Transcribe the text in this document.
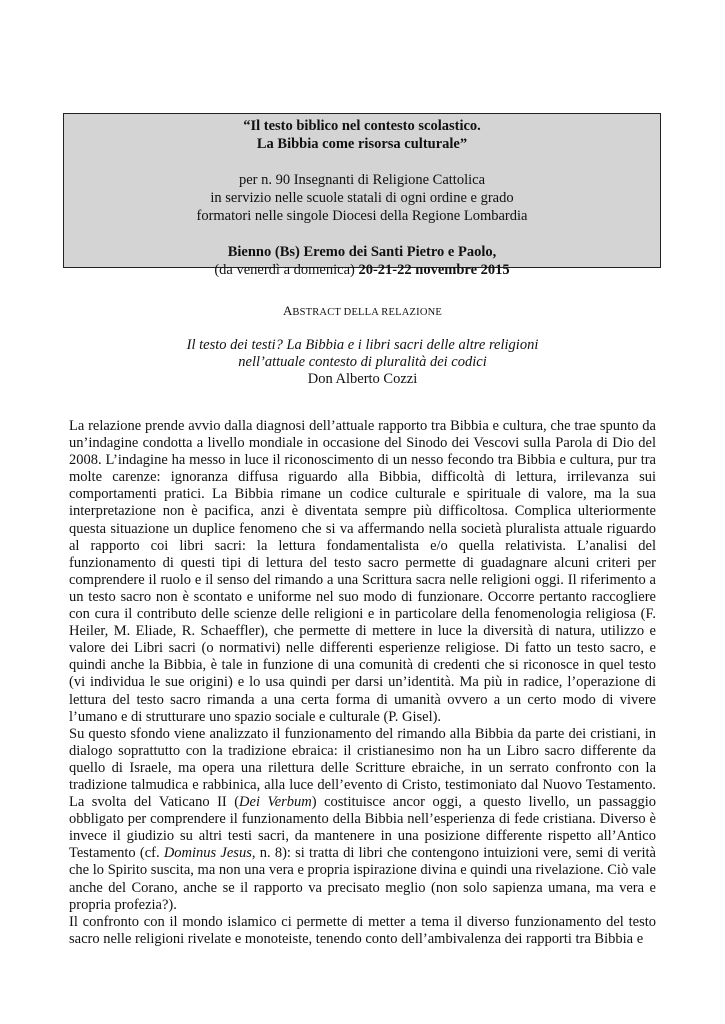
“Il testo biblico nel contesto scolastico.
La Bibbia come risorsa culturale”
per n. 90 Insegnanti di Religione Cattolica
in servizio nelle scuole statali di ogni ordine e grado
formatori nelle singole Diocesi della Regione Lombardia
Bienno (Bs) Eremo dei Santi Pietro e Paolo,
(da venerdì a domenica) 20-21-22 novembre 2015
ABSTRACT DELLA RELAZIONE
Il testo dei testi? La Bibbia e i libri sacri delle altre religioni
nell’attuale contesto di pluralità dei codici
Don Alberto Cozzi

La relazione prende avvio dalla diagnosi dell’attuale rapporto tra Bibbia e cultura, che trae spunto da un’indagine condotta a livello mondiale in occasione del Sinodo dei Vescovi sulla Parola di Dio del 2008. L’indagine ha messo in luce il riconoscimento di un nesso fecondo tra Bibbia e cultura, pur tra molte carenze: ignoranza diffusa riguardo alla Bibbia, difficoltà di lettura, irrilevanza sui comportamenti pratici. La Bibbia rimane un codice culturale e spirituale di valore, ma la sua interpretazione non è pacifica, anzi è diventata sempre più difficoltosa. Complica ulteriormente questa situazione un duplice fenomeno che si va affermando nella società pluralista attuale riguardo al rapporto coi libri sacri: la lettura fondamentalista e/o quella relativista. L’analisi del funzionamento di questi tipi di lettura del testo sacro permette di guadagnare alcuni criteri per comprendere il ruolo e il senso del rimando a una Scrittura sacra nelle religioni oggi. Il riferimento a un testo sacro non è scontato e uniforme nel suo modo di funzionare. Occorre pertanto raccogliere con cura il contributo delle scienze delle religioni e in particolare della fenomenologia religiosa (F. Heiler, M. Eliade, R. Schaeffler), che permette di mettere in luce la diversità di natura, utilizzo e valore dei Libri sacri (o normativi) nelle differenti esperienze religiose. Di fatto un testo sacro, e quindi anche la Bibbia, è tale in funzione di una comunità di credenti che si riconosce in quel testo (vi individua le sue origini) e lo usa quindi per darsi un’identità. Ma più in radice, l’operazione di lettura del testo sacro rimanda a una certa forma di umanità ovvero a un certo modo di vivere l’umano e di strutturare uno spazio sociale e culturale (P. Gisel).

Su questo sfondo viene analizzato il funzionamento del rimando alla Bibbia da parte dei cristiani, in dialogo soprattutto con la tradizione ebraica: il cristianesimo non ha un Libro sacro differente da quello di Israele, ma opera una rilettura delle Scritture ebraiche, in un serrato confronto con la tradizione talmudica e rabbinica, alla luce dell’evento di Cristo, testimoniato dal Nuovo Testamento. La svolta del Vaticano II (Dei Verbum) costituisce ancor oggi, a questo livello, un passaggio obbligato per comprendere il funzionamento della Bibbia nell’esperienza di fede cristiana. Diverso è invece il giudizio su altri testi sacri, da mantenere in una posizione differente rispetto all’Antico Testamento (cf. Dominus Jesus, n. 8): si tratta di libri che contengono intuizioni vere, semi di verità che lo Spirito suscita, ma non una vera e propria ispirazione divina e quindi una rivelazione. Ciò vale anche del Corano, anche se il rapporto va precisato meglio (non solo sapienza umana, ma vera e propria profezia?).

Il confronto con il mondo islamico ci permette di metter a tema il diverso funzionamento del testo sacro nelle religioni rivelate e monoteiste, tenendo conto dell’ambivalenza dei rapporti tra Bibbia e
